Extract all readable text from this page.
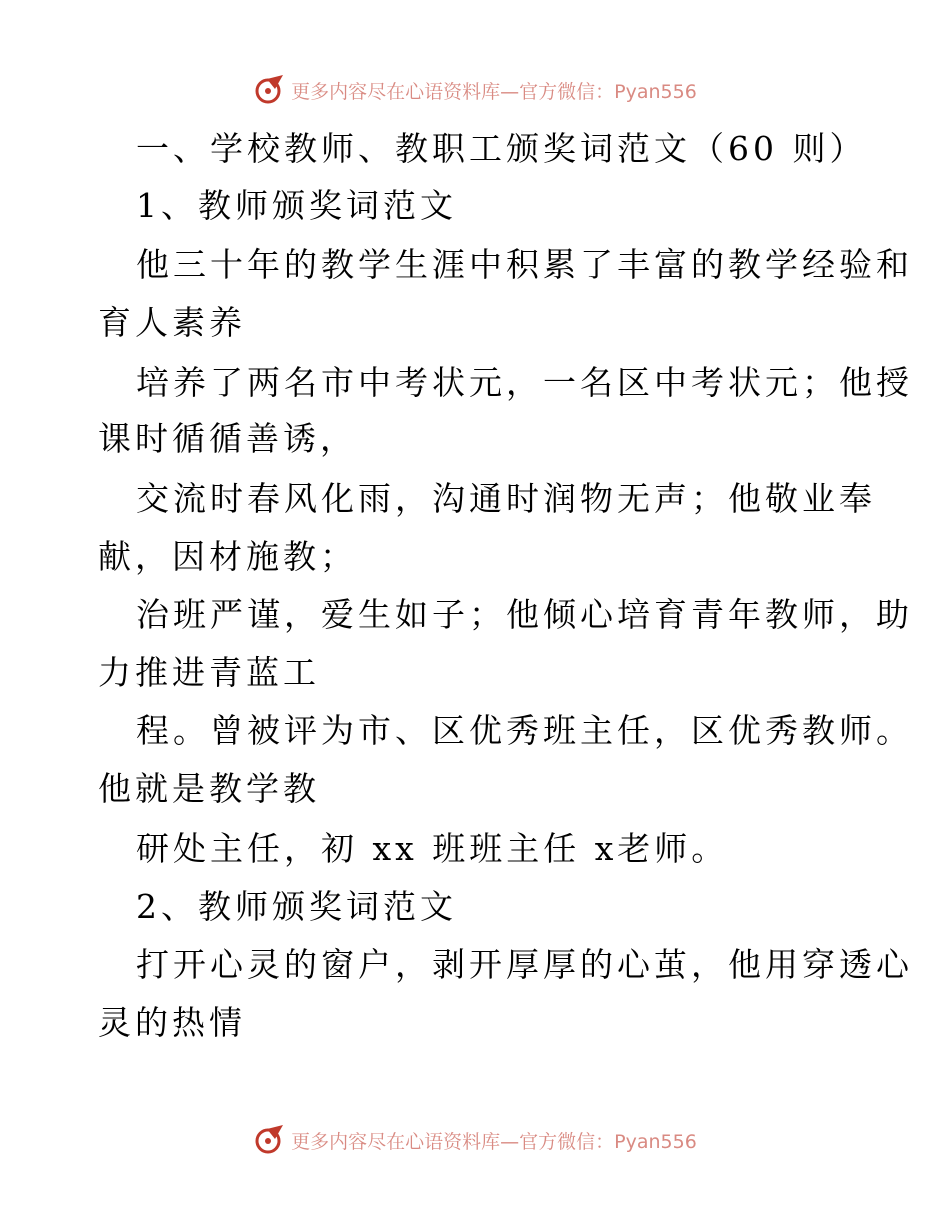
更多内容尽在心语资料库—官方微信：Pyan556
一、学校教师、教职工颁奖词范文（60 则）
1、教师颁奖词范文
他三十年的教学生涯中积累了丰富的教学经验和
育人素养
培养了两名市中考状元，一名区中考状元；他授
课时循循善诱，
交流时春风化雨，沟通时润物无声；他敬业奉
献，因材施教；
治班严谨，爱生如子；他倾心培育青年教师，助
力推进青蓝工
程。曾被评为市、区优秀班主任，区优秀教师。
他就是教学教
研处主任，初 xx 班班主任 x老师。
2、教师颁奖词范文
打开心灵的窗户，剥开厚厚的心茧，他用穿透心
灵的热情
更多内容尽在心语资料库—官方微信：Pyan556
